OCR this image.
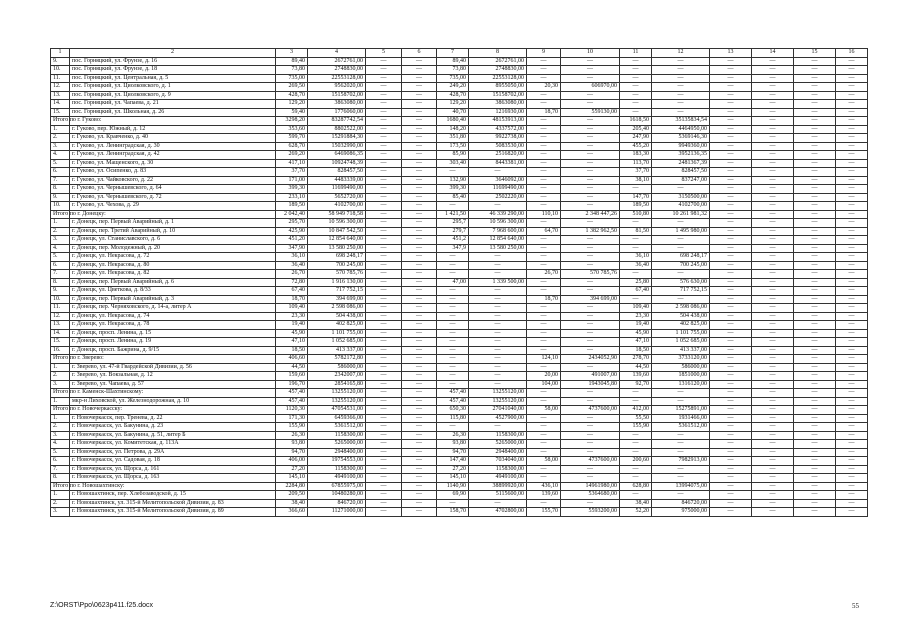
1	2	3	4	5	6	7	8	9	10	11	12	13	14	15	16
9.	пос. Горняцкий, ул. Фрунзе, д. 16	89,40	2672761,00	—	—	89,40	2672761,00	—	—	—	—	—	—	—	—
10.	пос. Горняцкий, ул. Фрунзе, д. 18	73,80	2748830,00	—	—	73,80	2748830,00	—	—	—	—	—	—	—	—
11.	пос. Горняцкий, ул. Центральная, д. 5	735,00	22553128,00	—	—	735,00	22553128,00	—	—	—	—	—	—	—	—
12.	пос. Горняцкий, ул. Циолковского, д. 1	269,50	9562020,00	—	—	249,20	8955050,00	20,30	606970,00	—	—	—	—	—	—
13.	пос. Горняцкий, ул. Циолковского, д. 9	428,70	15158702,00	—	—	428,70	15158702,00	—	—	—	—	—	—	—	—
14.	пос. Горняцкий, ул. Чапаева, д. 21	129,20	3863080,00	—	—	129,20	3863080,00	—	—	—	—	—	—	—	—
15.	пос. Горняцкий, ул. Школьная, д. 26	59,40	1776060,00	—	—	40,70	1216930,00	18,70	559130,00	—	—	—	—	—	—
Итого по г. Гуково:		3298,20	83287742,54	—	—	1680,40	48153913,00	—	—	1618,50	35135834,54	—	—	—	—
1.	г. Гуково, пер. Южный, д. 12	353,60	8802522,00	—	—	148,20	4337572,00	—	—	205,40	4464950,00	—	—	—	—
2.	г. Гуково, ул. Кравченко, д. 40	599,70	15291884,30	—	—	351,80	9922738,00	—	—	247,90	5369146,30	—	—	—	—
3.	г. Гуково, ул. Ленинградская, д. 30	628,70	15032990,00	—	—	173,50	5083530,00	—	—	455,20	9949360,00	—	—	—	—
4.	г. Гуково, ул. Ленинградская, д. 42	269,20	6469086,35	—	—	85,90	2516820,00	—	—	183,30	3952136,35	—	—	—	—
5.	г. Гуково, ул. Мащенского, д. 30	417,10	10924748,39	—	—	303,40	8443381,00	—	—	113,70	2481367,39	—	—	—	—
6.	г. Гуково, ул. Осипенко, д. 83	37,70	828457,50	—	—	—	—	—	—	37,70	828457,50	—	—	—	—
7.	г. Гуково, ул. Чайковского, д. 22	171,00	4483339,00	—	—	132,90	3646092,00	—	—	38,10	837247,00	—	—	—	—
8.	г. Гуково, ул. Чернышевского, д. 64	399,30	11699490,00	—	—	399,30	11699490,00	—	—	—	—	—	—	—	—
9.	г. Гуково, ул. Чернышевского, д. 72	233,10	5652720,00	—	—	85,40	2502220,00	—	—	147,70	3150500,00	—	—	—	—
10.	г. Гуково, ул. Чехова, д. 29	189,50	4102700,00	—	—	—	—	—	—	189,50	4102700,00	—	—	—	—
Итого по г. Донецку:		2 042,40	58 949 718,58	—	—	1 421,50	46 339 290,00	110,10	2 348 447,26	510,80	10 261 981,32	—	—	—	—
1.	г. Донецк, пер. Первый Аварийный, д. 1	295,70	10 596 300,00	—	—	295,7	10 596 300,00	—	—	—	—	—	—	—	—
2.	г. Донецк, пер. Третий Аварийный, д. 10	425,90	10 847 542,50	—	—	279,7	7 968 600,00	64,70	1 382 962,50	81,50	1 495 980,00	—	—	—	—
3.	г. Донецк, ул. Станиславского, д. 6	451,20	12 854 640,00	—	—	451,2	12 854 640,00	—	—	—	—	—	—	—	—
4.	г. Донецк, пер. Молодежный, д. 20	347,90	13 580 250,00	—	—	347,9	13 580 250,00	—	—	—	—	—	—	—	—
5.	г. Донецк, ул. Некрасова, д. 72	36,10	698 248,17	—	—	—	—	—	—	36,10	698 248,17	—	—	—	—
6.	г. Донецк, ул. Некрасова, д. 80	36,40	700 245,00	—	—	—	—	—	—	36,40	700 245,00	—	—	—	—
7.	г. Донецк, ул. Некрасова, д. 82	26,70	570 785,76	—	—	—	—	26,70	570 785,76	—	—	—	—	—	—
8.	г. Донецк, пер. Первый Аварийный, д. 6	72,80	1 916 130,00	—	—	47,00	1 339 500,00	—	—	25,80	576 630,00	—	—	—	—
9.	г. Донецк, ул. Цветкова, д. 8/33	67,40	717 752,15	—	—	—	—	—	—	67,40	717 752,15	—	—	—	—
10.	г. Донецк, пер. Первый Аварийный, д. 3	18,70	394 699,00	—	—	—	—	18,70	394 699,00	—	—	—	—	—	—
11.	г. Донецк, пер. Черняховского, д. 14-а, литер А	109,40	2 598 086,00	—	—	—	—	—	—	109,40	2 598 086,00	—	—	—	—
12.	г. Донецк, ул. Некрасова, д. 74	23,30	504 438,00	—	—	—	—	—	—	23,30	504 438,00	—	—	—	—
13.	г. Донецк, ул. Некрасова, д. 78	19,40	402 825,00	—	—	—	—	—	—	19,40	402 825,00	—	—	—	—
14.	г. Донецк, просп. Ленина, д. 15	45,90	1 101 755,00	—	—	—	—	—	—	45,90	1 101 755,00	—	—	—	—
15.	г. Донецк, просп. Ленина, д. 19	47,10	1 052 685,00	—	—	—	—	—	—	47,10	1 052 685,00	—	—	—	—
16.	г. Донецк, просп. Бажрина, д. 9/15	18,50	413 337,00	—	—	—	—	—	—	18,50	413 337,00	—	—	—	—
Итого по г. Зверево:		406,60	5782172,80	—	—	—	—	124,10	2434052,90	278,70	3733120,00	—	—	—	—
1.	г. Зверево, ул. 47-й Гвардейской Дивизии, д. 56	44,50	586000,00	—	—	—	—	—	—	44,50	586000,00	—	—	—	—
2.	г. Зверево, ул. Вокзальная, д. 12	159,60	2342007,00	—	—	—	—	20,00	491007,00	139,60	1851000,00	—	—	—	—
3.	г. Зверево, ул. Чапаева, д. 57	196,70	2854165,80	—	—	—	—	104,00	1943045,80	92,70	1316120,00	—	—	—	—
Итого по г. Каменск-Шахтинскому:		457,40	13255120,00	—	—	457,40	13255120,00	—	—	—	—	—	—	—	—
1.	мкр-н Лиховской, ул. Железнодорожная, д. 10	457,40	13255120,00	—	—	457,40	13255120,00	—	—	—	—	—	—	—	—
Итого по г. Новочеркасску:		1120,30	47054531,00	—	—	650,30	27041040,00	58,00	4737600,00	412,00	15275891,00	—	—	—	—
1.	г. Новочеркасск, пер. Тренева, д. 22	171,30	6459366,00	—	—	115,80	4527900,00	—	—	55,50	1931466,00	—	—	—	—
2.	г. Новочеркасск, ул. Бакунина, д. 23	155,90	5361512,00	—	—	—	—	—	—	155,90	5361512,00	—	—	—	—
3.	г. Новочеркасск, ул. Бакунина, д. 51, литер Б	26,30	1158300,00	—	—	26,30	1158300,00	—	—	—	—	—	—	—	—
4.	г. Новочеркасск, ул. Комитетская, д. 113А	93,80	5265000,00	—	—	93,80	5265000,00	—	—	—	—	—	—	—	—
5.	г. Новочеркасск, ул. Петрова, д. 29А	94,70	2948400,00	—	—	94,70	2948400,00	—	—	—	—	—	—	—	—
6.	г. Новочеркасск, ул. Садовая, д. 18	406,00	19754553,00	—	—	147,40	7034040,00	58,00	4737600,00	200,60	7982913,00	—	—	—	—
7.	г. Новочеркасск, ул. Щорса, д. 161	27,20	1158300,00	—	—	27,20	1158300,00	—	—	—	—	—	—	—	—
8.	г. Новочеркасск, ул. Щорса, д. 163	145,10	4949100,00	—	—	145,10	4949100,00	—	—	—	—	—	—	—	—
Итого по г. Новошахтинску:		2284,80	67855975,00	—	—	1140,90	38899920,00	436,10	14961980,00	628,80	13994075,00	—	—	—	—
1.	г. Новошахтинск, пер. Хлебозаводской, д. 15	209,50	10480280,00	—	—	69,90	5115600,00	139,60	5364680,00	—	—	—	—	—	—
2.	г. Новошахтинск, ул. 315-й Мелитопольской Дивизии, д. 83	38,40	846720,00	—	—	—	—	—	—	38,40	846720,00	—	—	—	—
3.	г. Новошахтинск, ул. 315-й Мелитопольской Дивизии, д. 89	366,60	11271000,00	—	—	158,70	4702800,00	155,70	5593200,00	52,20	975000,00	—	—	—	—
Z:\ORST\Ppo\0623p411.f25.docx	55
